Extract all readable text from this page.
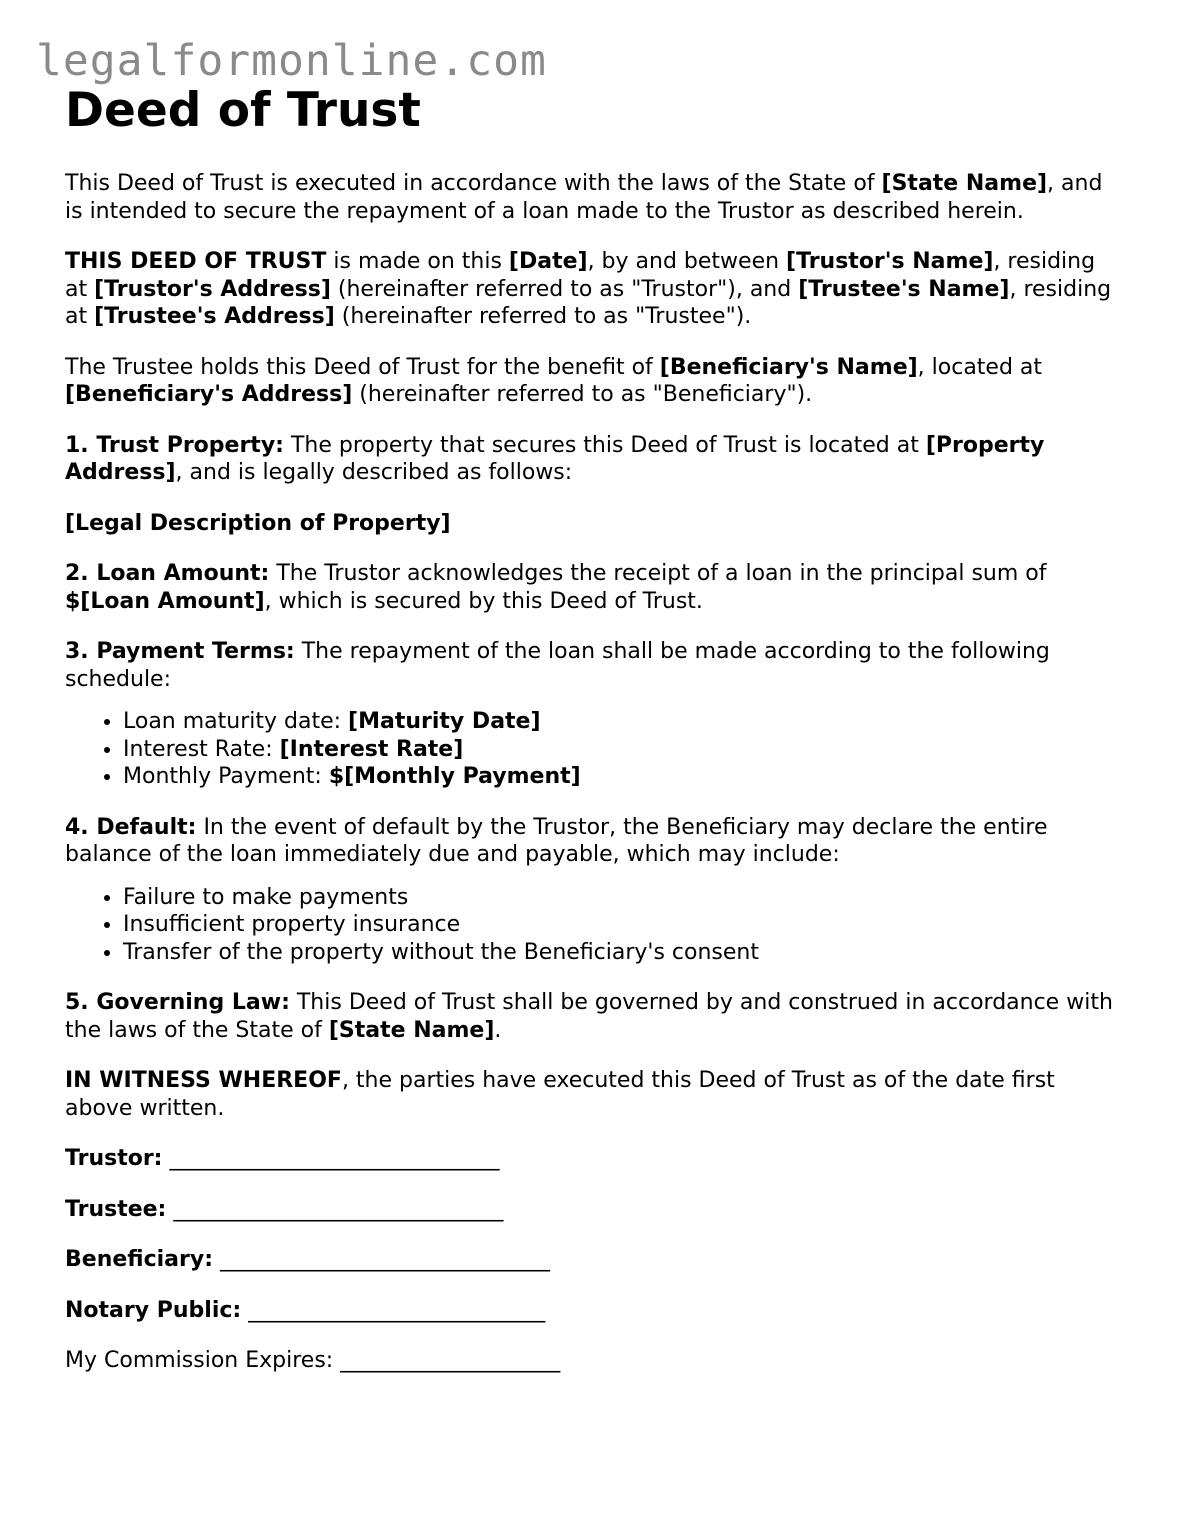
legalformonline.com
Deed of Trust

This Deed of Trust is executed in accordance with the laws of the State of [State Name], and is intended to secure the repayment of a loan made to the Trustor as described herein.

THIS DEED OF TRUST is made on this [Date], by and between [Trustor's Name], residing at [Trustor's Address] (hereinafter referred to as "Trustor"), and [Trustee's Name], residing at [Trustee's Address] (hereinafter referred to as "Trustee").

The Trustee holds this Deed of Trust for the benefit of [Beneficiary's Name], located at [Beneficiary's Address] (hereinafter referred to as "Beneficiary").

1. Trust Property: The property that secures this Deed of Trust is located at [Property Address], and is legally described as follows:

[Legal Description of Property]

2. Loan Amount: The Trustor acknowledges the receipt of a loan in the principal sum of $[Loan Amount], which is secured by this Deed of Trust.

3. Payment Terms: The repayment of the loan shall be made according to the following schedule:

• Loan maturity date: [Maturity Date]
• Interest Rate: [Interest Rate]
• Monthly Payment: $[Monthly Payment]

4. Default: In the event of default by the Trustor, the Beneficiary may declare the entire balance of the loan immediately due and payable, which may include:

• Failure to make payments
• Insufficient property insurance
• Transfer of the property without the Beneficiary's consent

5. Governing Law: This Deed of Trust shall be governed by and construed in accordance with the laws of the State of [State Name].

IN WITNESS WHEREOF, the parties have executed this Deed of Trust as of the date first above written.

Trustor: ______________________________

Trustee: ______________________________

Beneficiary: ______________________________

Notary Public: ___________________________

My Commission Expires: ____________________
